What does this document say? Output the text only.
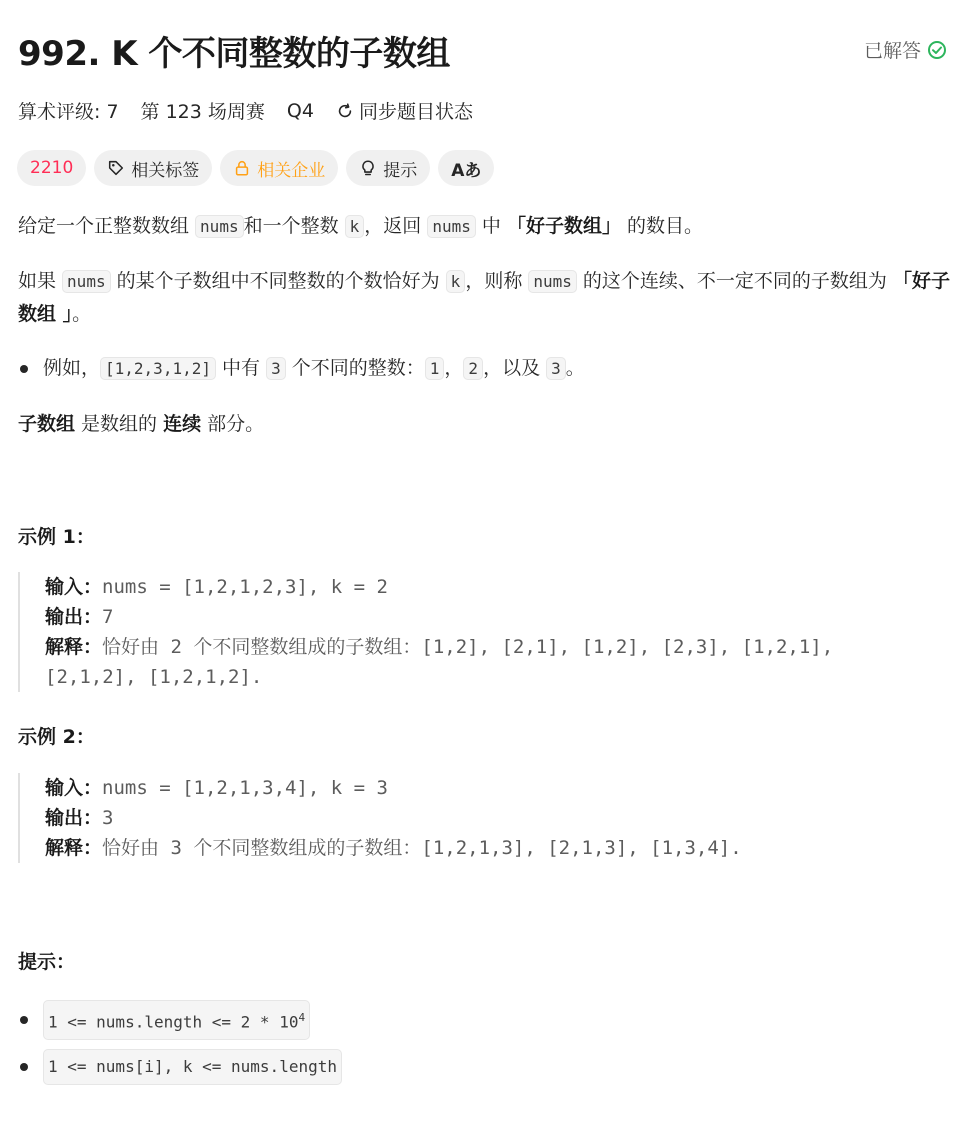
992. K 个不同整数的子数组	已解答
算术评级: 7 第 123 场周赛 Q4 同步题目状态
2210	相关标签	相关企业	提示 Aあ
给定一个正整数数组 nums 和一个整数 k ，返回 nums 中 「好子数组」 的数目。
如果 nums 的某个子数组中不同整数的个数恰好为 k ，则称 nums 的这个连续、不一定不同的子数组为 「好子数组 」。
例如， [1,2,3,1,2] 中有 3 个不同的整数： 1 ， 2 ，以及 3 。
子数组 是数组的 连续 部分。
示例 1：
输入：nums = [1,2,1,2,3], k = 2
输出：7
解释：恰好由 2 个不同整数组成的子数组：[1,2], [2,1], [1,2], [2,3], [1,2,1],
[2,1,2], [1,2,1,2].
示例 2：
输入：nums = [1,2,1,3,4], k = 3
输出：3
解释：恰好由 3 个不同整数组成的子数组：[1,2,1,3], [2,1,3], [1,3,4].
提示：
1 <= nums.length <= $2 * 10^4$
1 <= nums[i], k <= nums.length
